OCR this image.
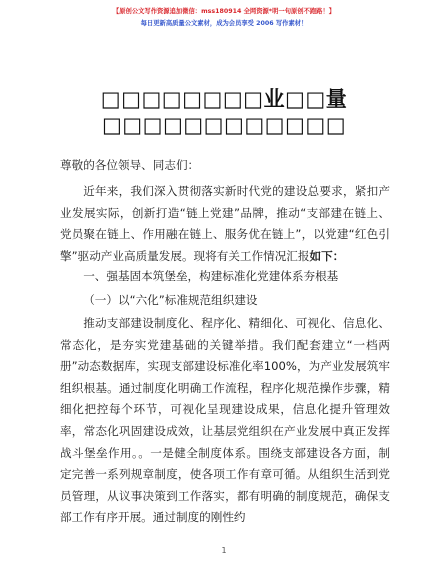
【原创公文写作资源追加微信：mss180914 全网资源*明一句原创不跑路！】
每日更新高质量公文素材，成为会员享受 2006 写作素材！
□□□□□□□□业□□量□□□□□□□□□□□□
尊敬的各位领导、同志们：

近年来，我们深入贯彻落实新时代党的建设总要求，紧扣产业发展实际，创新打造“链上党建”品牌，推动“支部建在链上、党员聚在链上、作用融在链上、服务优在链上”，以党建“红色引擎”驱动产业高质量发展。现将有关工作情况汇报如下：

一、强基固本筑堡垒，构建标准化党建体系夯根基
（一）以“六化”标准规范组织建设

推动支部建设制度化、程序化、精细化、可视化、信息化、常态化，是夯实党建基础的关键举措。我们配套建立“一档两册”动态数据库，实现支部建设标准化率100%，为产业发展筑牢组织根基。通过制度化明确工作流程，程序化规范操作步骤，精细化把控每个环节，可视化呈现建设成果，信息化提升管理效率，常态化巩固建设成效，让基层党组织在产业发展中真正发挥战斗堡垒作用。。一是健全制度体系。围绕支部建设各方面，制定完善一系列规章制度，使各项工作有章可循。从组织生活到党员管理，从议事决策到工作落实，都有明确的制度规范，确保支部工作有序开展。通过制度的刚性约

1
